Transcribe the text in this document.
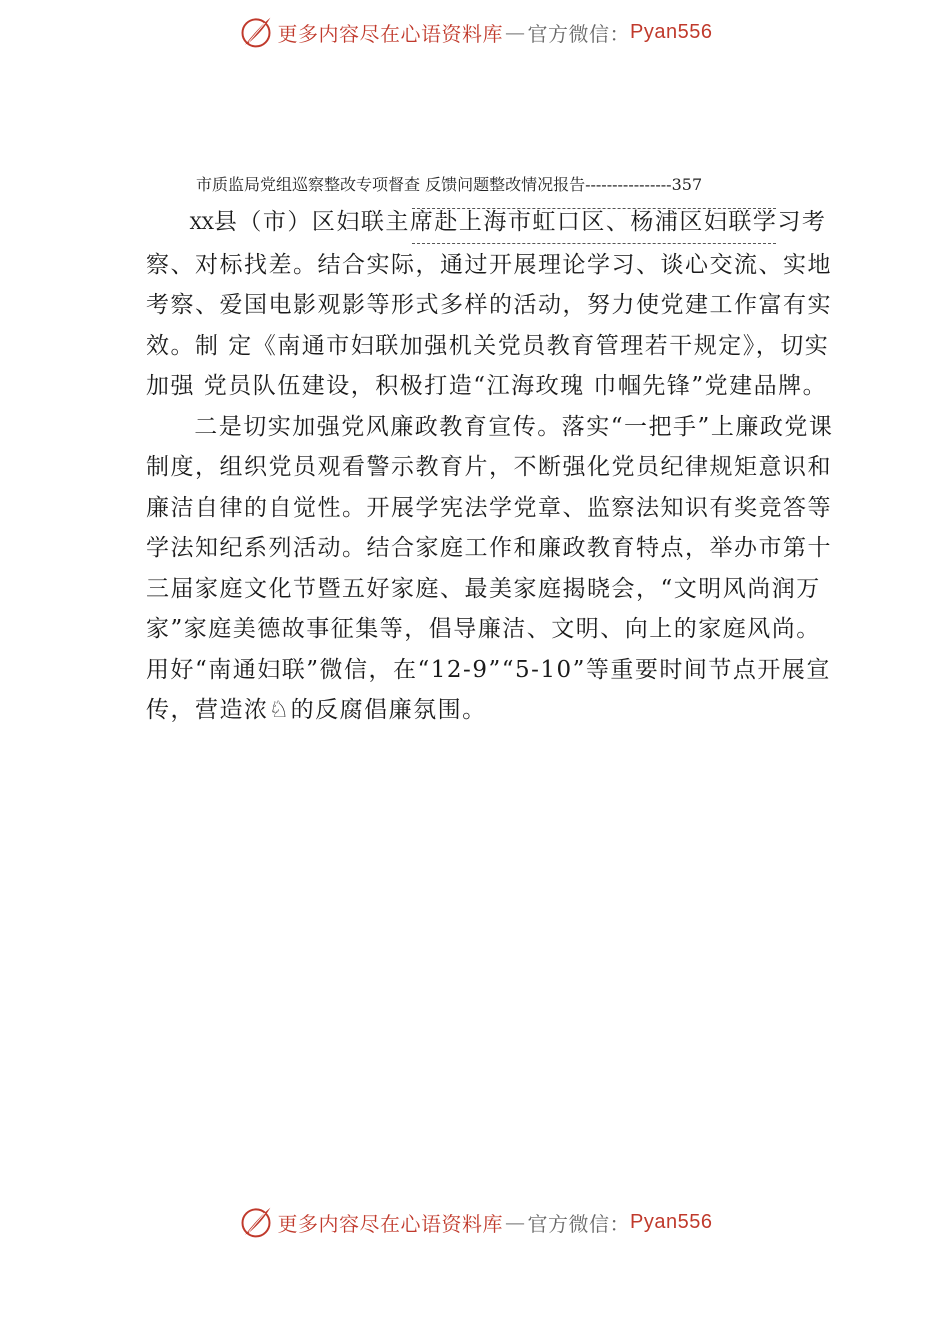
更多内容尽在心语资料库 — 官方微信： Pyan556
市质监局党组巡察整改专项督查 反馈问题整改情况报告----------------357

XX县（市）区妇联主席赴上海市虹口区、杨浦区妇联学习考察、对标找差。结合实际，通过开展理论学习、谈心交流、实地考察、爱国电影观影等形式多样的活动，努力使党建工作富有实效。制 定《南通市妇联加强机关党员教育管理若干规定》，切实加强 党员队伍建设，积极打造“江海玫瑰 巾帼先锋”党建品牌。

二是切实加强党风廉政教育宣传。落实“一把手”上廉政党课制度，组织党员观看警示教育片，不断强化党员纪律规矩意识和廉洁自律的自觉性。开展学宪法学党章、监察法知识有奖竞答等学法知纪系列活动。结合家庭工作和廉政教育特点，举办市第十三届家庭文化节暨五好家庭、最美家庭揭晓会，“文明风尚润万家”家庭美德故事征集等，倡导廉洁、文明、向上的家庭风尚。用好“南通妇联”微信，在“12-9”“5-10”等重要时间节点开展宣传，营造浓♘的反腐倡廉氛围。

更多内容尽在心语资料库 — 官方微信： Pyan556
